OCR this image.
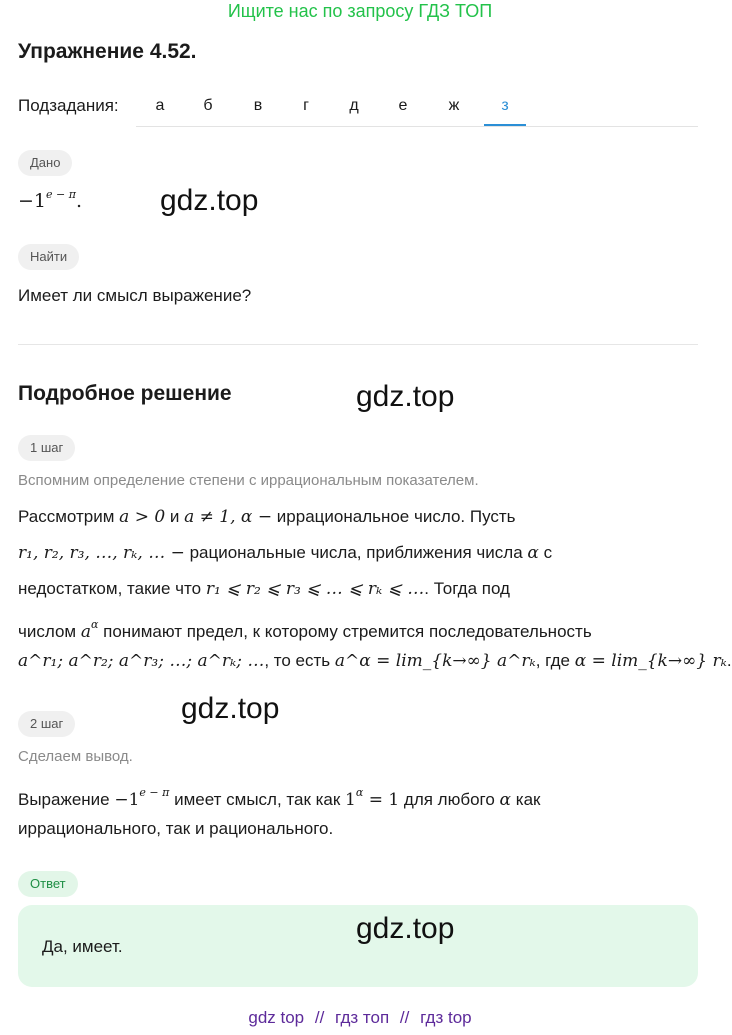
Ищите нас по запросу ГДЗ ТОП
Упражнение 4.52.
Подзадания:	а	б	в	г	д	е	ж	з
Дано
$-1^{e - \pi}$.	gdz.top
Найти
Имеет ли смысл выражение?
Подробное решение	gdz.top
1 шаг
Вспомним определение степени с иррациональным показателем.
Рассмотрим a > 0 и a ≠ 1, α − иррациональное число. Пусть
r₁, r₂, r₃, …, rₖ, … − рациональные числа, приближения числа α с
недостатком, такие что r₁ ⩽ r₂ ⩽ r₃ ⩽ … ⩽ rₖ ⩽ …. Тогда под
числом $a^\alpha$ понимают предел, к которому стремится последовательность
a^r₁; a^r₂; a^r₃; …; a^rₖ; …, то есть a^α = lim_{k→∞} a^rₖ, где α = lim_{k→∞} rₖ.
gdz.top
2 шаг
Сделаем вывод.
Выражение $-1^{e - \pi}$ имеет смысл, так как $1^\alpha = 1$ для любого α как
иррационального, так и рационального.
Ответ
Да, имеет.
gdz.top
gdz top // гдз топ // гдз top
